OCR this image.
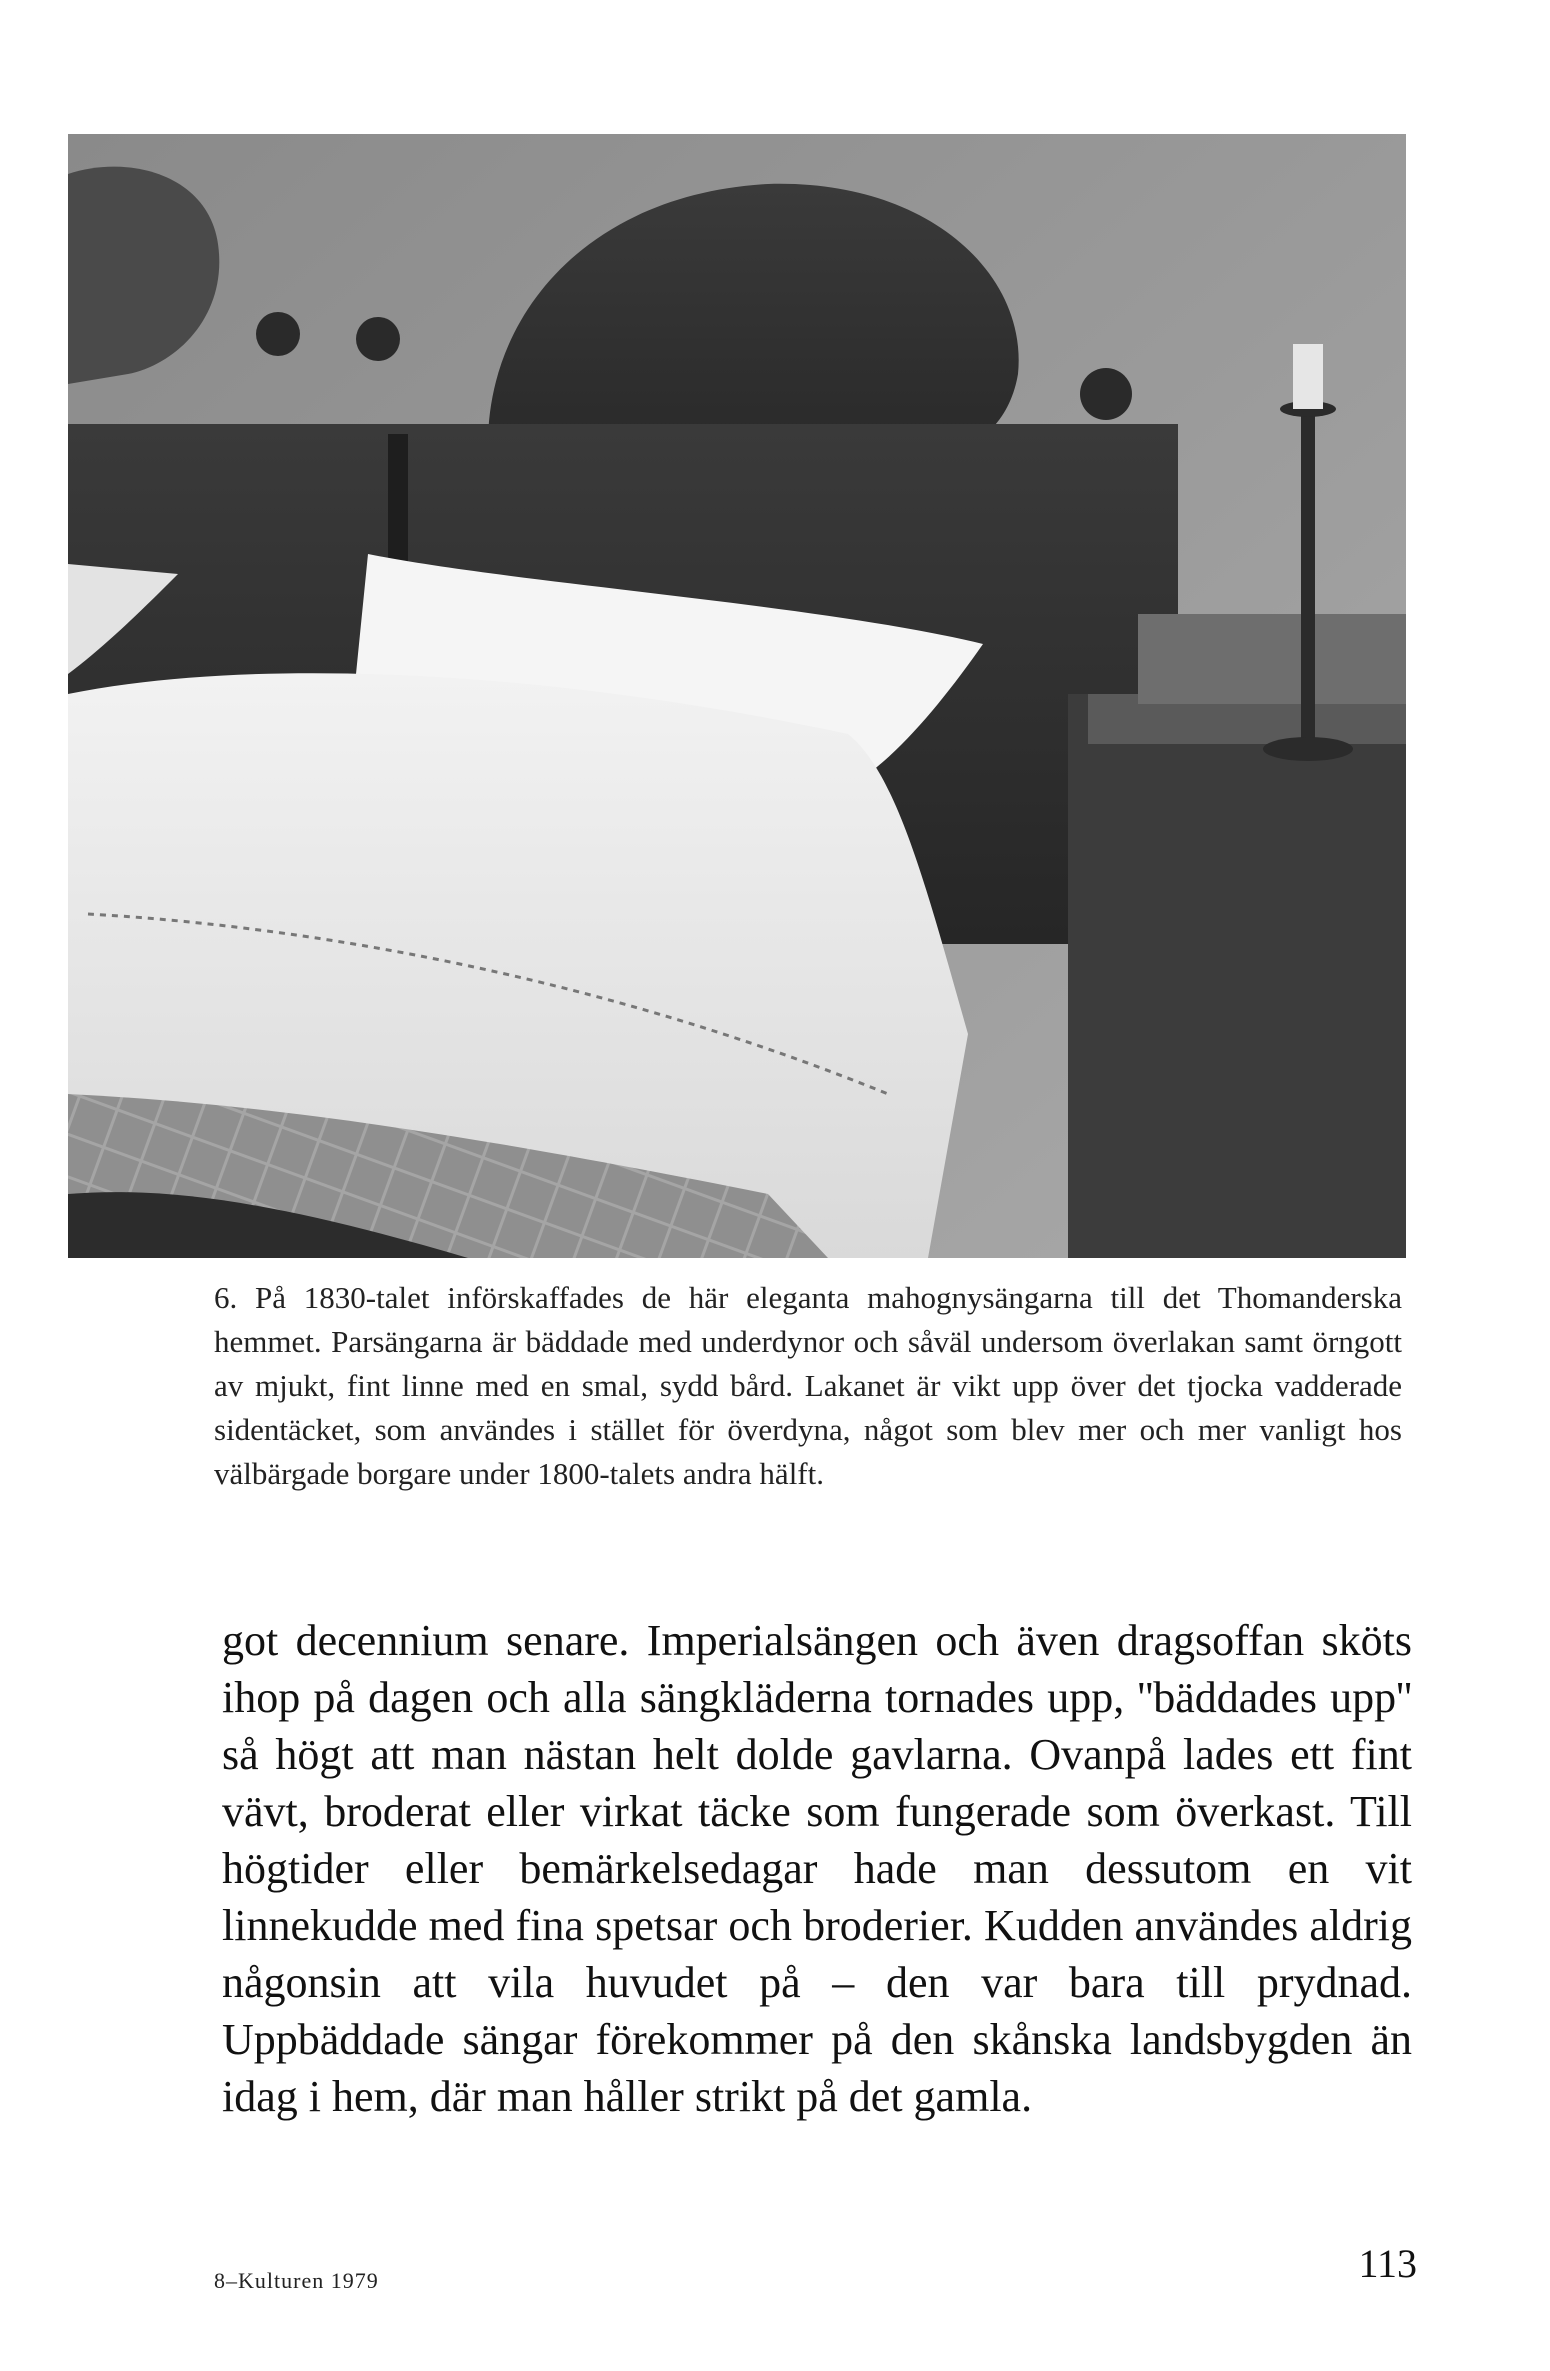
6. På 1830-talet införskaffades de här eleganta mahognysängarna till det Thomanderska hemmet. Parsängarna är bäddade med underdynor och såväl undersom överlakan samt örngott av mjukt, fint linne med en smal, sydd bård. Lakanet är vikt upp över det tjocka vadderade sidentäcket, som användes i stället för överdyna, något som blev mer och mer vanligt hos välbärgade borgare under 1800-talets andra hälft.
got decennium senare. Imperialsängen och även dragsoffan sköts ihop på dagen och alla sängkläderna tornades upp, ''bäddades upp'' så högt att man nästan helt dolde gavlarna. Ovanpå lades ett fint vävt, broderat eller virkat täcke som fungerade som överkast. Till högtider eller bemärkelsedagar hade man dessutom en vit linnekudde med fina spetsar och broderier. Kudden användes aldrig någonsin att vila huvudet på – den var bara till prydnad. Uppbäddade sängar förekommer på den skånska landsbygden än idag i hem, där man håller strikt på det gamla.
8–Kulturen 1979	113
